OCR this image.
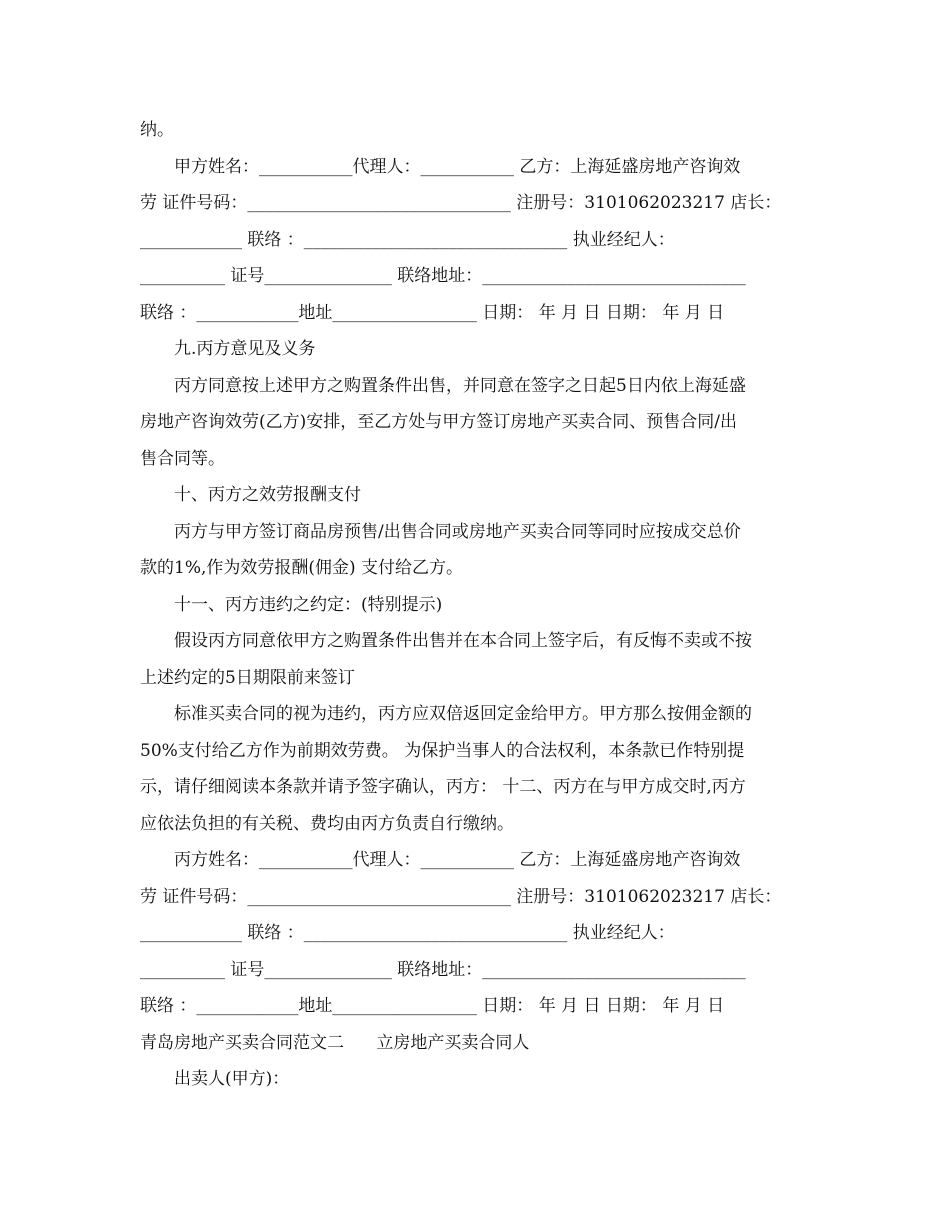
纳。
甲方姓名：___________代理人：___________ 乙方：上海延盛房地产咨询效
劳 证件号码：_______________________________ 注册号：3101062023217 店长：
____________ 联络 ：_______________________________ 执业经纪人：
__________ 证号_______________ 联络地址：_______________________________
联络 ：____________地址_________________ 日期： 年 月 日 日期： 年 月 日
九.丙方意见及义务
丙方同意按上述甲方之购置条件出售，并同意在签字之日起5日内依上海延盛
房地产咨询效劳(乙方)安排，至乙方处与甲方签订房地产买卖合同、预售合同/出
售合同等。
十、丙方之效劳报酬支付
丙方与甲方签订商品房预售/出售合同或房地产买卖合同等同时应按成交总价
款的1%,作为效劳报酬(佣金) 支付给乙方。
十一、丙方违约之约定：(特别提示)
假设丙方同意依甲方之购置条件出售并在本合同上签字后，有反悔不卖或不按
上述约定的5日期限前来签订
标准买卖合同的视为违约，丙方应双倍返回定金给甲方。甲方那么按佣金额的
50%支付给乙方作为前期效劳费。 为保护当事人的合法权利，本条款已作特别提
示，请仔细阅读本条款并请予签字确认，丙方： 十二、丙方在与甲方成交时,丙方
应依法负担的有关税、费均由丙方负责自行缴纳。
丙方姓名：___________代理人：___________ 乙方：上海延盛房地产咨询效
劳 证件号码：_______________________________ 注册号：3101062023217 店长：
____________ 联络 ：_______________________________ 执业经纪人：
__________ 证号_______________ 联络地址：_______________________________
联络 ：____________地址_________________ 日期： 年 月 日 日期： 年 月 日
青岛房地产买卖合同范文二      立房地产买卖合同人
出卖人(甲方)：
